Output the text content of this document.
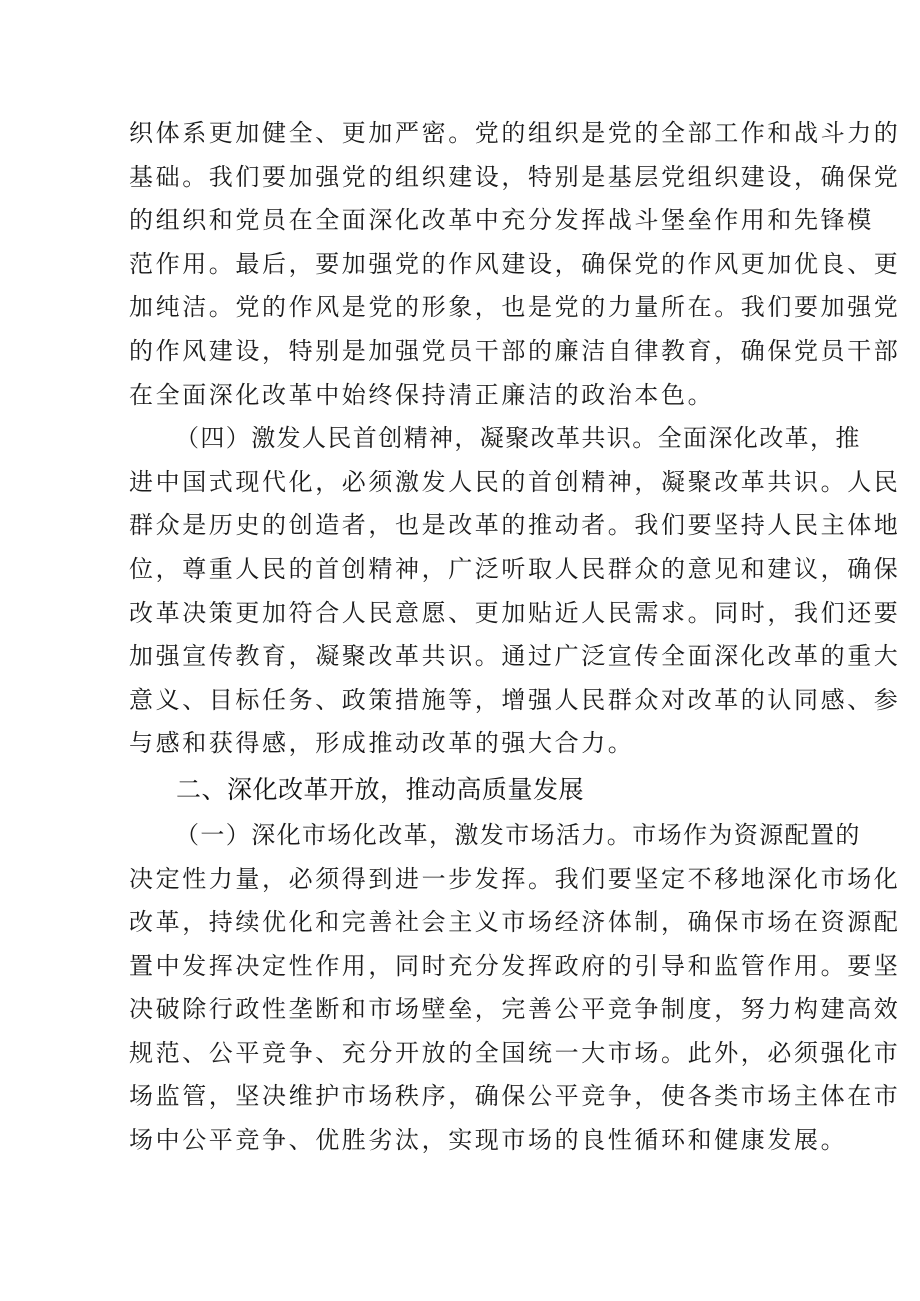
织体系更加健全、更加严密。党的组织是党的全部工作和战斗力的
基础。我们要加强党的组织建设，特别是基层党组织建设，确保党
的组织和党员在全面深化改革中充分发挥战斗堡垒作用和先锋模
范作用。最后，要加强党的作风建设，确保党的作风更加优良、更
加纯洁。党的作风是党的形象，也是党的力量所在。我们要加强党
的作风建设，特别是加强党员干部的廉洁自律教育，确保党员干部
在全面深化改革中始终保持清正廉洁的政治本色。
（四）激发人民首创精神，凝聚改革共识。全面深化改革，推
进中国式现代化，必须激发人民的首创精神，凝聚改革共识。人民
群众是历史的创造者，也是改革的推动者。我们要坚持人民主体地
位，尊重人民的首创精神，广泛听取人民群众的意见和建议，确保
改革决策更加符合人民意愿、更加贴近人民需求。同时，我们还要
加强宣传教育，凝聚改革共识。通过广泛宣传全面深化改革的重大
意义、目标任务、政策措施等，增强人民群众对改革的认同感、参
与感和获得感，形成推动改革的强大合力。
二、深化改革开放，推动高质量发展
（一）深化市场化改革，激发市场活力。市场作为资源配置的
决定性力量，必须得到进一步发挥。我们要坚定不移地深化市场化
改革，持续优化和完善社会主义市场经济体制，确保市场在资源配
置中发挥决定性作用，同时充分发挥政府的引导和监管作用。要坚
决破除行政性垄断和市场壁垒，完善公平竞争制度，努力构建高效
规范、公平竞争、充分开放的全国统一大市场。此外，必须强化市
场监管，坚决维护市场秩序，确保公平竞争，使各类市场主体在市
场中公平竞争、优胜劣汰，实现市场的良性循环和健康发展。
